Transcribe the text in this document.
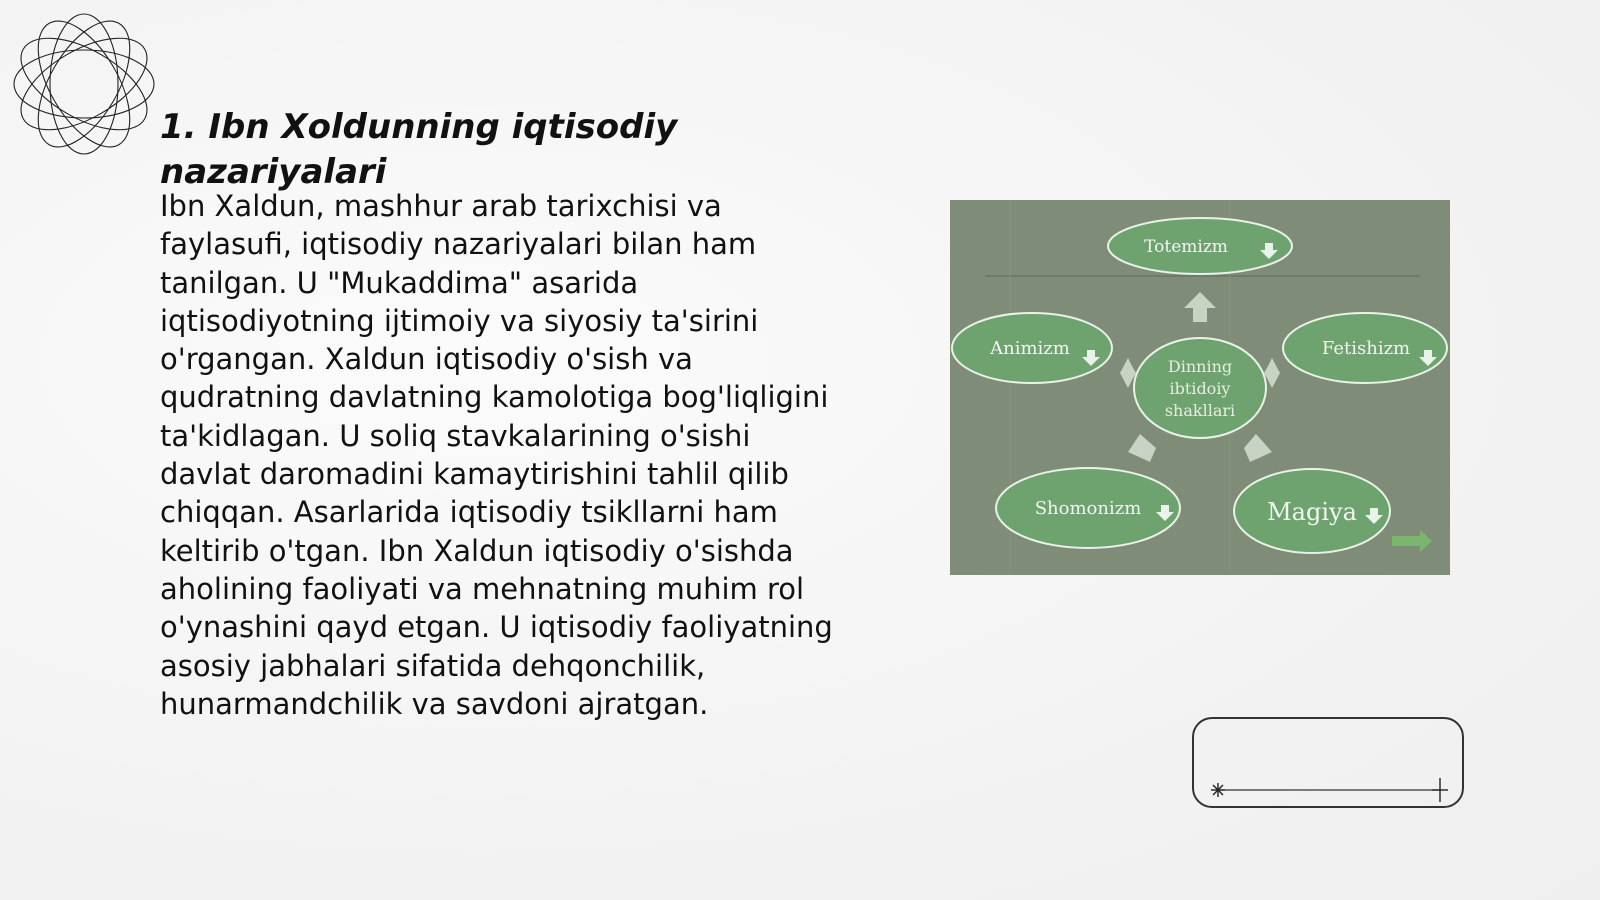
1. Ibn Xoldunning iqtisodiy nazariyalari

Ibn Xaldun, mashhur arab tarixchisi va faylasufi, iqtisodiy nazariyalari bilan ham tanilgan. U "Mukaddima" asarida iqtisodiyotning ijtimoiy va siyosiy ta'sirini o'rgangan. Xaldun iqtisodiy o'sish va qudratning davlatning kamolotiga bog'liqligini ta'kidlagan. U soliq stavkalarining o'sishi davlat daromadini kamaytirishini tahlil qilib chiqqan. Asarlarida iqtisodiy tsikllarni ham keltirib o'tgan. Ibn Xaldun iqtisodiy o'sishda aholining faoliyati va mehnatning muhim rol o'ynashini qayd etgan. U iqtisodiy faoliyatning asosiy jabhalari sifatida dehqonchilik, hunarmandchilik va savdoni ajratgan.

Totemizm
Animizm	Fetishizm
Dinning
ibtidoiy
shakllari
Shomonizm	Magiya
